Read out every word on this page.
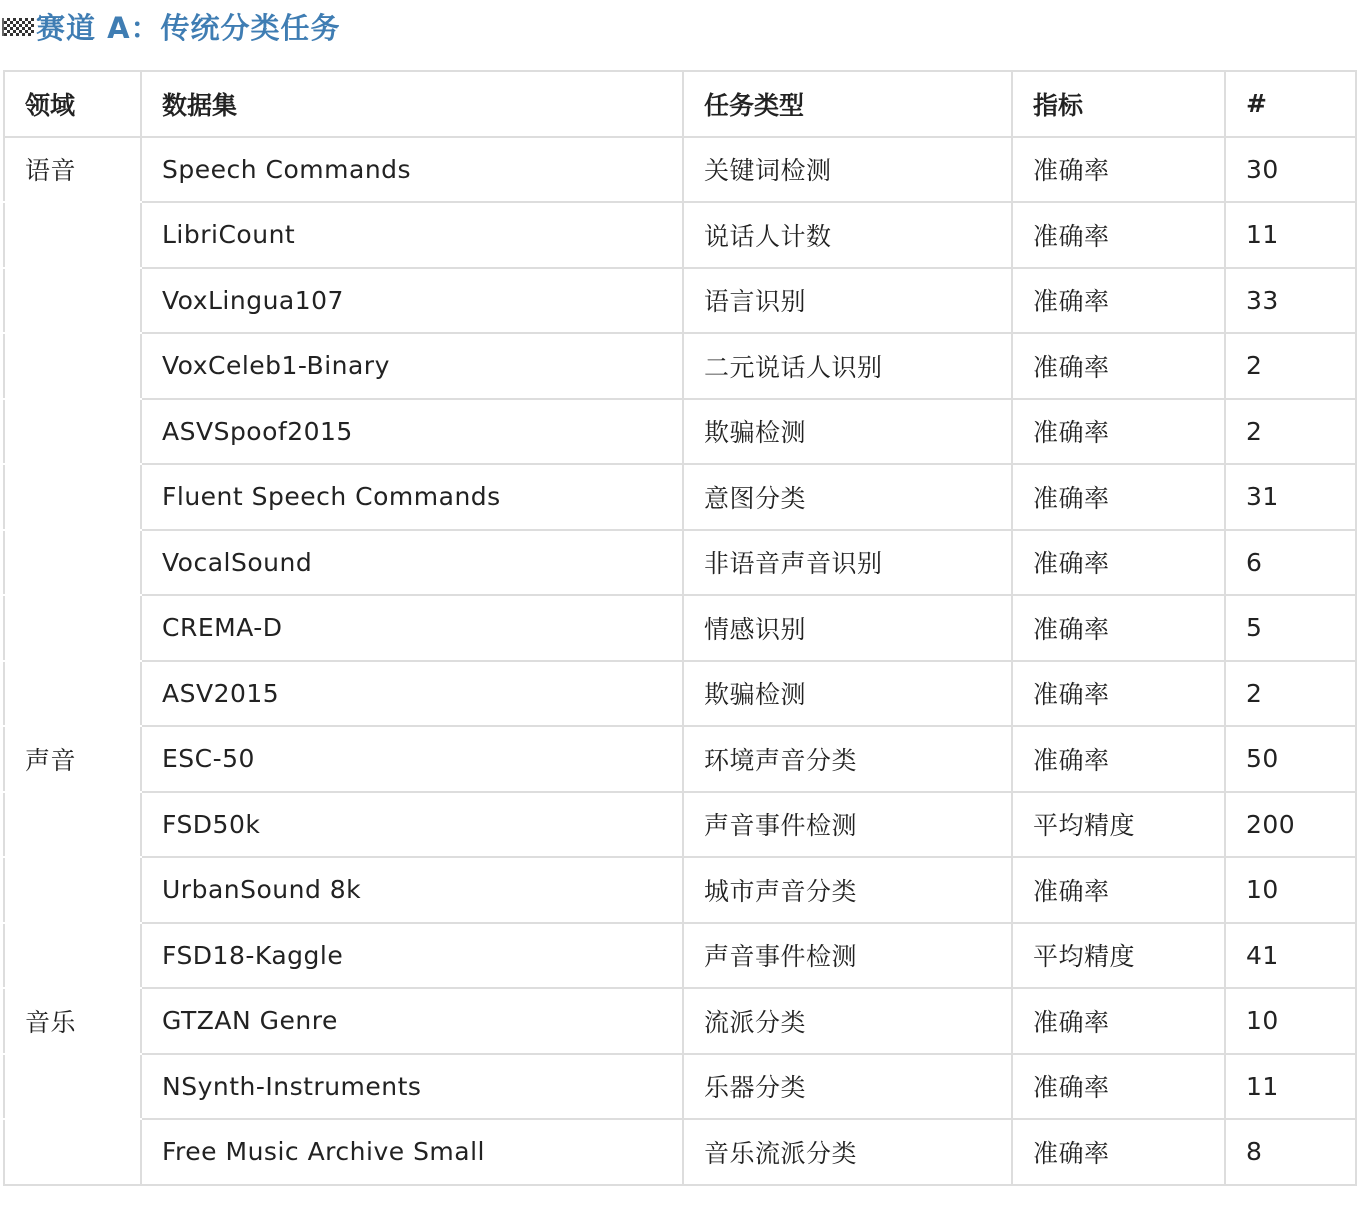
赛道 A：传统分类任务
领域	数据集	任务类型	指标	#
语音	Speech Commands	关键词检测	准确率	30
	LibriCount	说话人计数	准确率	11
	VoxLingua107	语言识别	准确率	33
	VoxCeleb1-Binary	二元说话人识别	准确率	2
	ASVSpoof2015	欺骗检测	准确率	2
	Fluent Speech Commands	意图分类	准确率	31
	VocalSound	非语音声音识别	准确率	6
	CREMA-D	情感识别	准确率	5
	ASV2015	欺骗检测	准确率	2
声音	ESC-50	环境声音分类	准确率	50
	FSD50k	声音事件检测	平均精度	200
	UrbanSound 8k	城市声音分类	准确率	10
	FSD18-Kaggle	声音事件检测	平均精度	41
音乐	GTZAN Genre	流派分类	准确率	10
	NSynth-Instruments	乐器分类	准确率	11
	Free Music Archive Small	音乐流派分类	准确率	8
